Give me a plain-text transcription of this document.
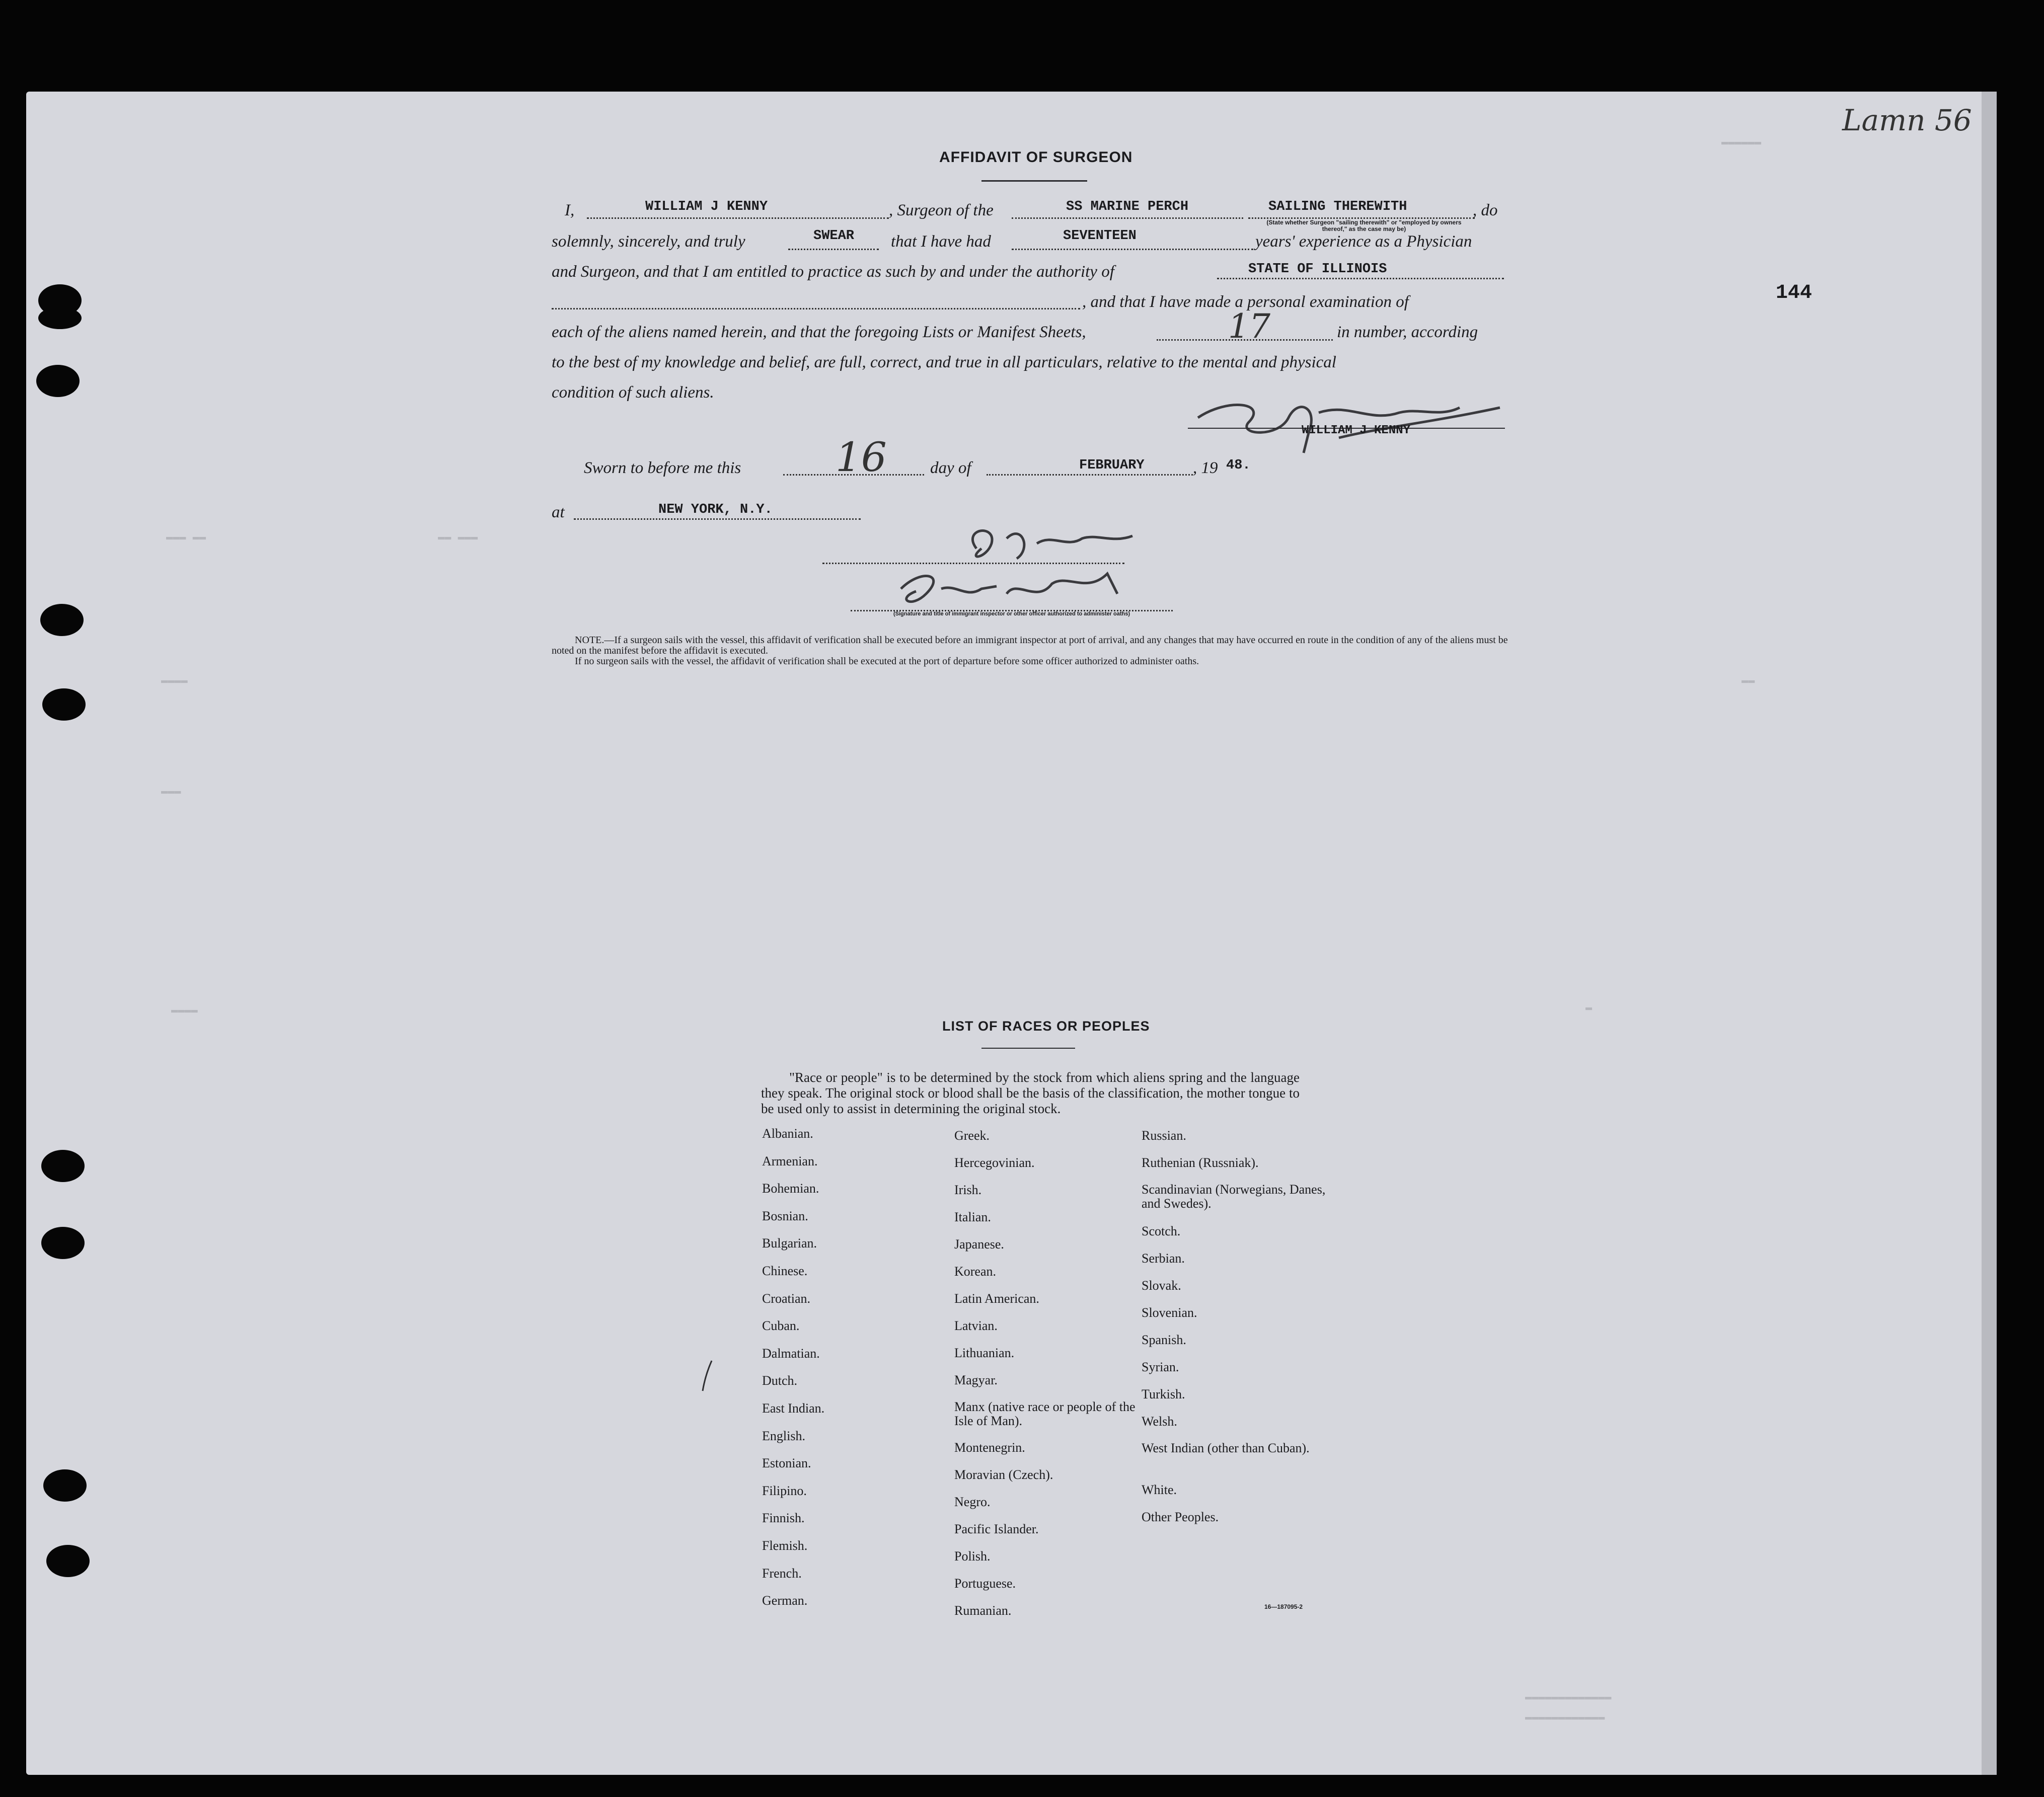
▬▬▬ ▬▬	▬▬ ▬▬▬
▬▬▬▬
▬▬▬
▬▬▬▬	▬
▬▬
▬▬▬▬▬▬▬▬▬▬▬▬▬
▬▬▬▬▬▬▬▬▬▬▬▬
▬▬▬▬▬▬
Lamn 56
144
AFFIDAVIT OF SURGEON
I,	WILLIAM J KENNY	, Surgeon of the	SS MARINE PERCH	SAILING THEREWITH	, do
(State whether Surgeon "sailing therewith" or "employed by owners thereof," as the case may be)
solemnly, sincerely, and truly	SWEAR that I have had	SEVENTEEN	years' experience as a Physician
and Surgeon, and that I am entitled to practice as such by and under the authority of	STATE OF ILLINOIS
, and that I have made a personal examination of
each of the aliens named herein, and that the foregoing Lists or Manifest Sheets,	17	in number, according
to the best of my knowledge and belief, are full, correct, and true in all particulars, relative to the mental and physical
condition of such aliens.
WILLIAM J KENNY
Sworn to before me this 16	day of	FEBRUARY	, 19 48.
at	NEW YORK, N.Y.
(Signature and title of immigrant inspector or other officer authorized to administer oaths)
NOTE.—If a surgeon sails with the vessel, this affidavit of verification shall be executed before an immigrant inspector at port of arrival, and any changes that may have occurred en route in the condition of any of the aliens must be noted on the manifest before the affidavit is executed.
If no surgeon sails with the vessel, the affidavit of verification shall be executed at the port of departure before some officer authorized to administer oaths.
LIST OF RACES OR PEOPLES
"Race or people" is to be determined by the stock from which aliens spring and the language they speak. The original stock or blood shall be the basis of the classification, the mother tongue to be used only to assist in determining the original stock.
Albanian.
Armenian.
Bohemian.
Bosnian.
Bulgarian.
Chinese.
Croatian.
Cuban.
Dalmatian.
Dutch.
East Indian.
English.
Estonian.
Filipino.
Finnish.
Flemish.
French.
German.
Greek.
Hercegovinian.
Irish.
Italian.
Japanese.
Korean.
Latin American.
Latvian.
Lithuanian.
Magyar.
Manx (native race or people of the Isle of Man).
Montenegrin.
Moravian (Czech).
Negro.
Pacific Islander.
Polish.
Portuguese.
Rumanian.
Russian.
Ruthenian (Russniak).
Scandinavian (Norwegians, Danes, and Swedes).
Scotch.
Serbian.
Slovak.
Slovenian.
Spanish.
Syrian.
Turkish.
Welsh.
West Indian (other than Cuban).
White.
Other Peoples.
16—187095-2
